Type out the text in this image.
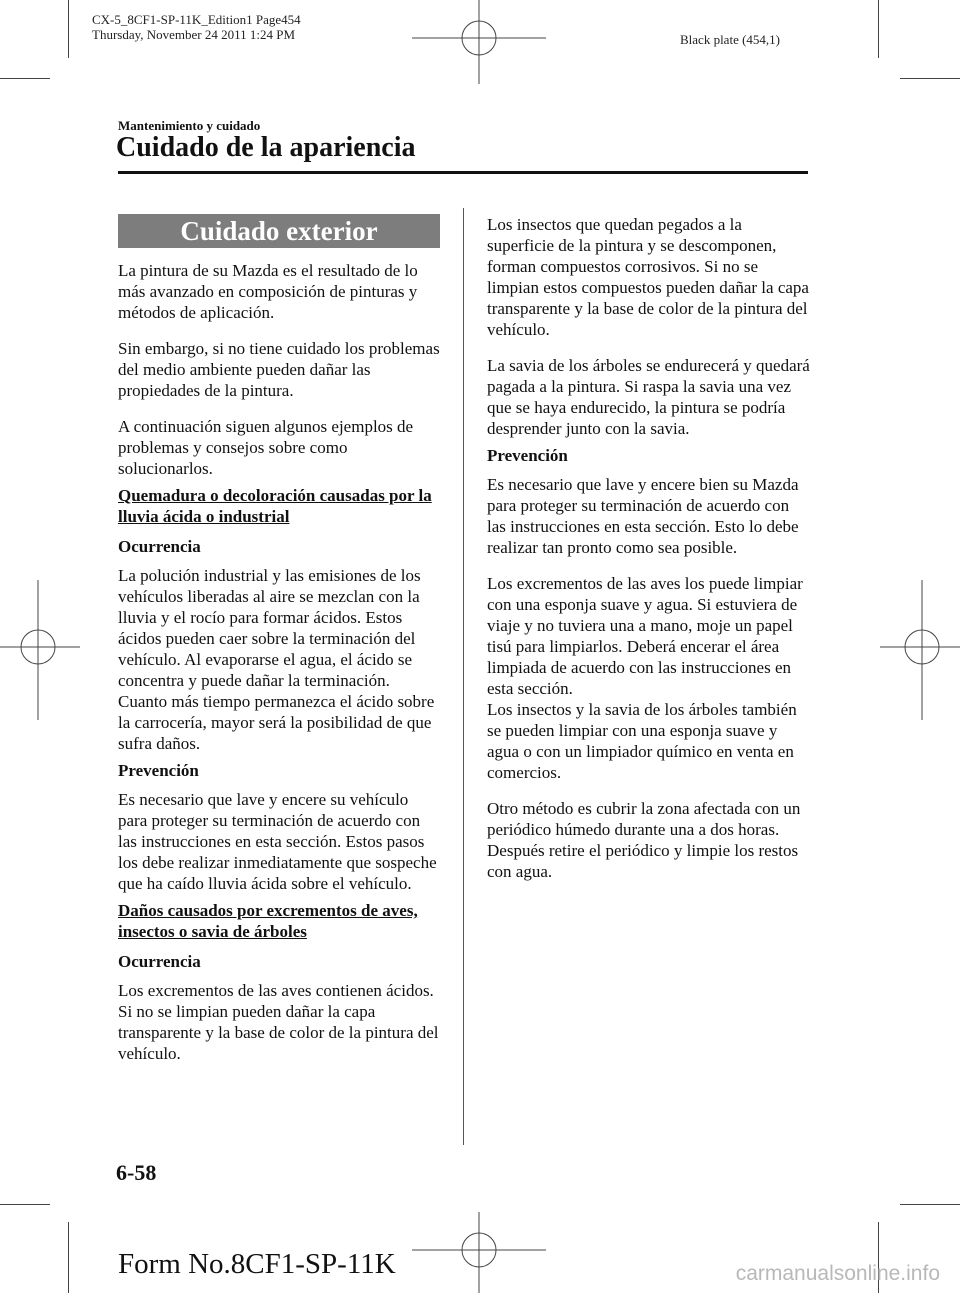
CX-5_8CF1-SP-11K_Edition1 Page454
Thursday, November 24 2011 1:24 PM	Black plate (454,1)
Mantenimiento y cuidado
Cuidado de la apariencia
Cuidado exterior

La pintura de su Mazda es el resultado de lo más avanzado en composición de pinturas y métodos de aplicación.

Sin embargo, si no tiene cuidado los problemas del medio ambiente pueden dañar las propiedades de la pintura.

A continuación siguen algunos ejemplos de problemas y consejos sobre como solucionarlos.

Quemadura o decoloración causadas por la lluvia ácida o industrial

Ocurrencia

La polución industrial y las emisiones de los vehículos liberadas al aire se mezclan con la lluvia y el rocío para formar ácidos. Estos ácidos pueden caer sobre la terminación del vehículo. Al evaporarse el agua, el ácido se concentra y puede dañar la terminación.

Cuanto más tiempo permanezca el ácido sobre la carrocería, mayor será la posibilidad de que sufra daños.

Prevención

Es necesario que lave y encere su vehículo para proteger su terminación de acuerdo con las instrucciones en esta sección. Estos pasos los debe realizar inmediatamente que sospeche que ha caído lluvia ácida sobre el vehículo.

Daños causados por excrementos de aves, insectos o savia de árboles

Ocurrencia

Los excrementos de las aves contienen ácidos. Si no se limpian pueden dañar la capa transparente y la base de color de la pintura del vehículo.

Los insectos que quedan pegados a la superficie de la pintura y se descomponen, forman compuestos corrosivos. Si no se limpian estos compuestos pueden dañar la capa transparente y la base de color de la pintura del vehículo.

La savia de los árboles se endurecerá y quedará pagada a la pintura. Si raspa la savia una vez que se haya endurecido, la pintura se podría desprender junto con la savia.

Prevención

Es necesario que lave y encere bien su Mazda para proteger su terminación de acuerdo con las instrucciones en esta sección. Esto lo debe realizar tan pronto como sea posible.

Los excrementos de las aves los puede limpiar con una esponja suave y agua. Si estuviera de viaje y no tuviera una a mano, moje un papel tisú para limpiarlos. Deberá encerar el área limpiada de acuerdo con las instrucciones en esta sección.

Los insectos y la savia de los árboles también se pueden limpiar con una esponja suave y agua o con un limpiador químico en venta en comercios.

Otro método es cubrir la zona afectada con un periódico húmedo durante una a dos horas. Después retire el periódico y limpie los restos con agua.

6-58
Form No.8CF1-SP-11K	carmanualsonline.info
